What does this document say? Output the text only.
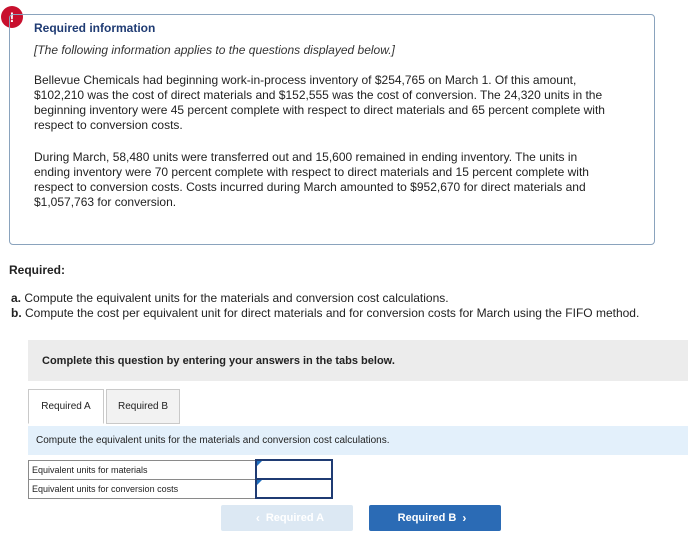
!
Required information
[The following information applies to the questions displayed below.]
Bellevue Chemicals had beginning work-in-process inventory of $254,765 on March 1. Of this amount, $102,210 was the cost of direct materials and $152,555 was the cost of conversion. The 24,320 units in the beginning inventory were 45 percent complete with respect to direct materials and 65 percent complete with respect to conversion costs.
During March, 58,480 units were transferred out and 15,600 remained in ending inventory. The units in ending inventory were 70 percent complete with respect to direct materials and 15 percent complete with respect to conversion costs. Costs incurred during March amounted to $952,670 for direct materials and $1,057,763 for conversion.
Required:
a. Compute the equivalent units for the materials and conversion cost calculations.
b. Compute the cost per equivalent unit for direct materials and for conversion costs for March using the FIFO method.
Complete this question by entering your answers in the tabs below.
Required A	Required B
Compute the equivalent units for the materials and conversion cost calculations.
Equivalent units for materials	
Equivalent units for conversion costs	
‹ Required A	Required B ›
